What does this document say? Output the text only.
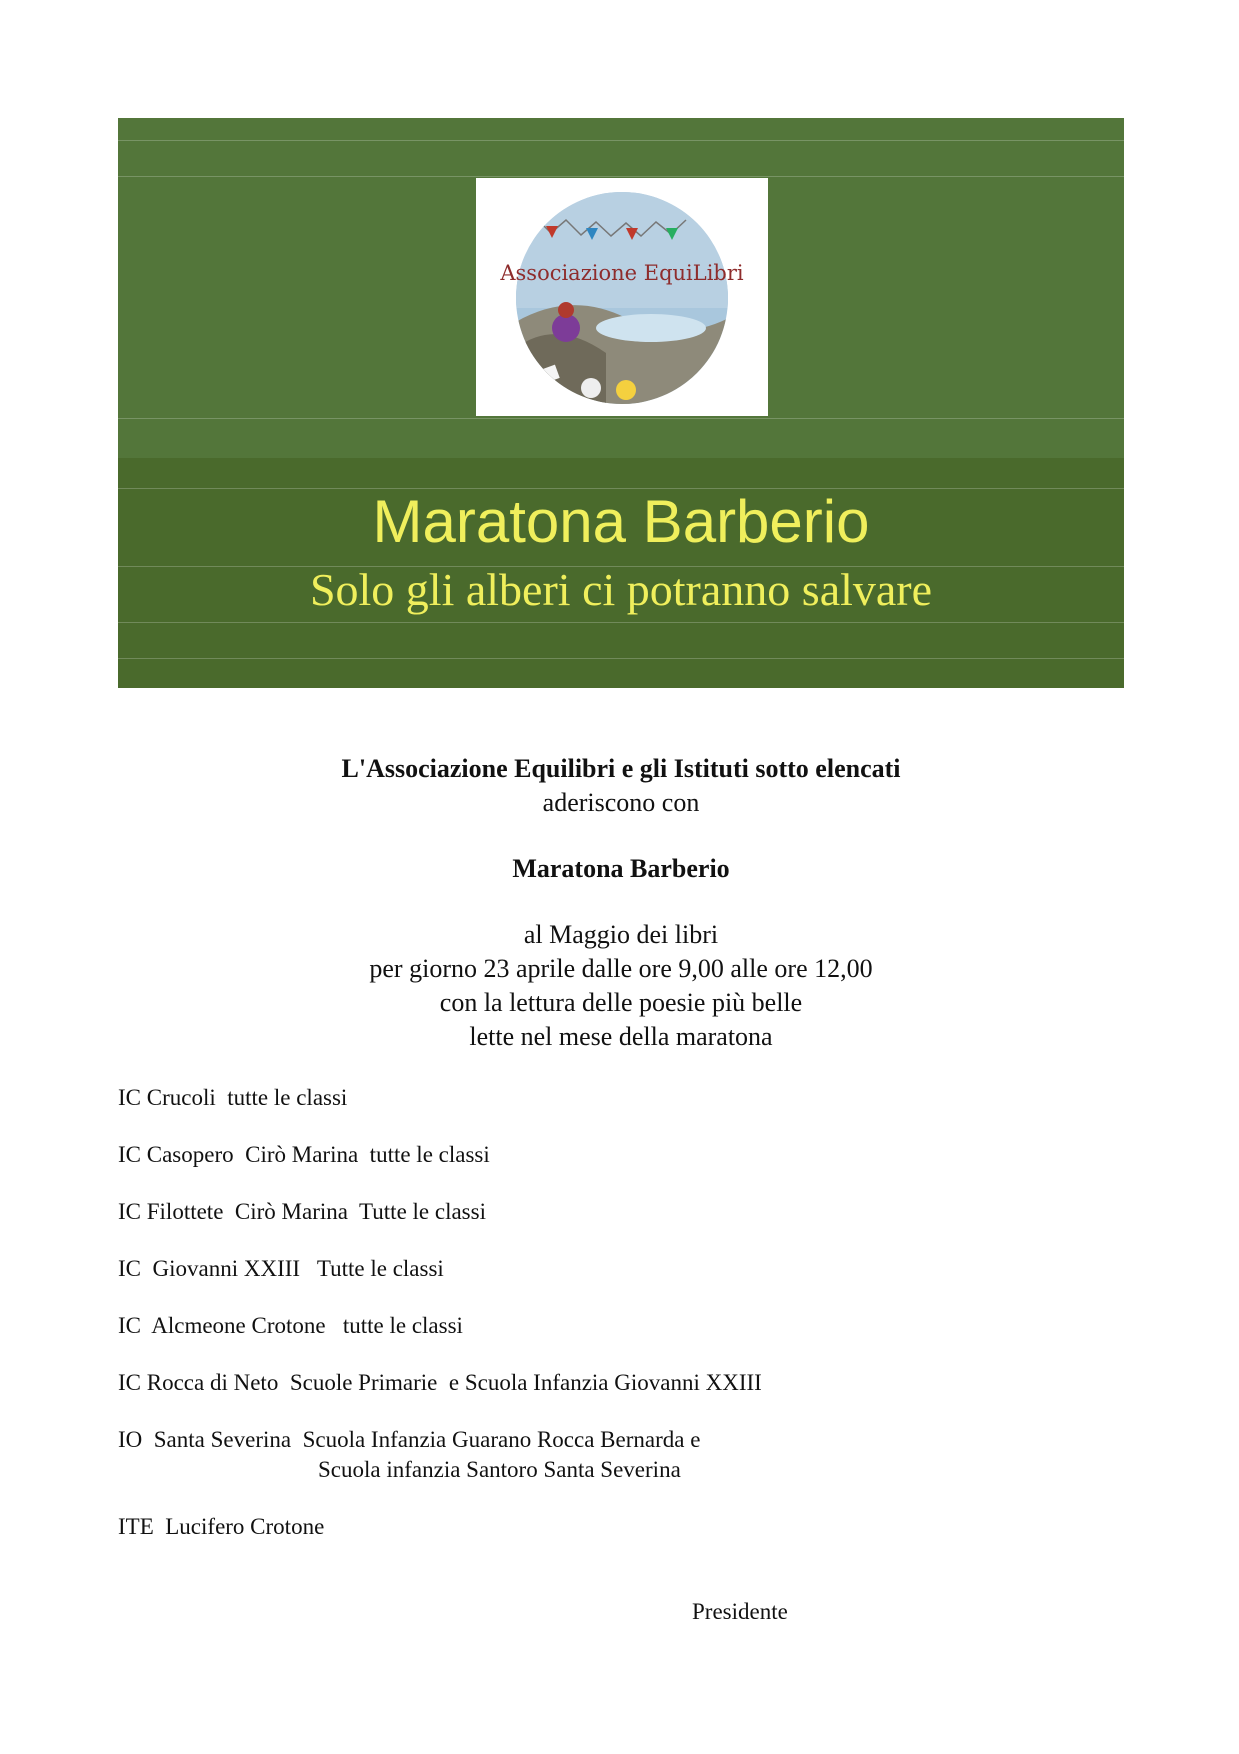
Associazione EquiLibri
Maratona Barberio
Solo gli alberi ci potranno salvare
L'Associazione Equilibri e gli Istituti sotto elencati
aderiscono con
Maratona Barberio
al Maggio dei libri
per giorno 23 aprile dalle ore 9,00 alle ore 12,00
con la lettura delle poesie più belle
lette nel mese della maratona
IC Crucoli  tutte le classi
IC Casopero  Cirò Marina  tutte le classi
IC Filottete  Cirò Marina  Tutte le classi
IC  Giovanni XXIII   Tutte le classi
IC  Alcmeone Crotone   tutte le classi
IC Rocca di Neto  Scuole Primarie  e Scuola Infanzia Giovanni XXIII
IO  Santa Severina  Scuola Infanzia Guarano Rocca Bernarda e
Scuola infanzia Santoro Santa Severina
ITE  Lucifero Crotone
Presidente
